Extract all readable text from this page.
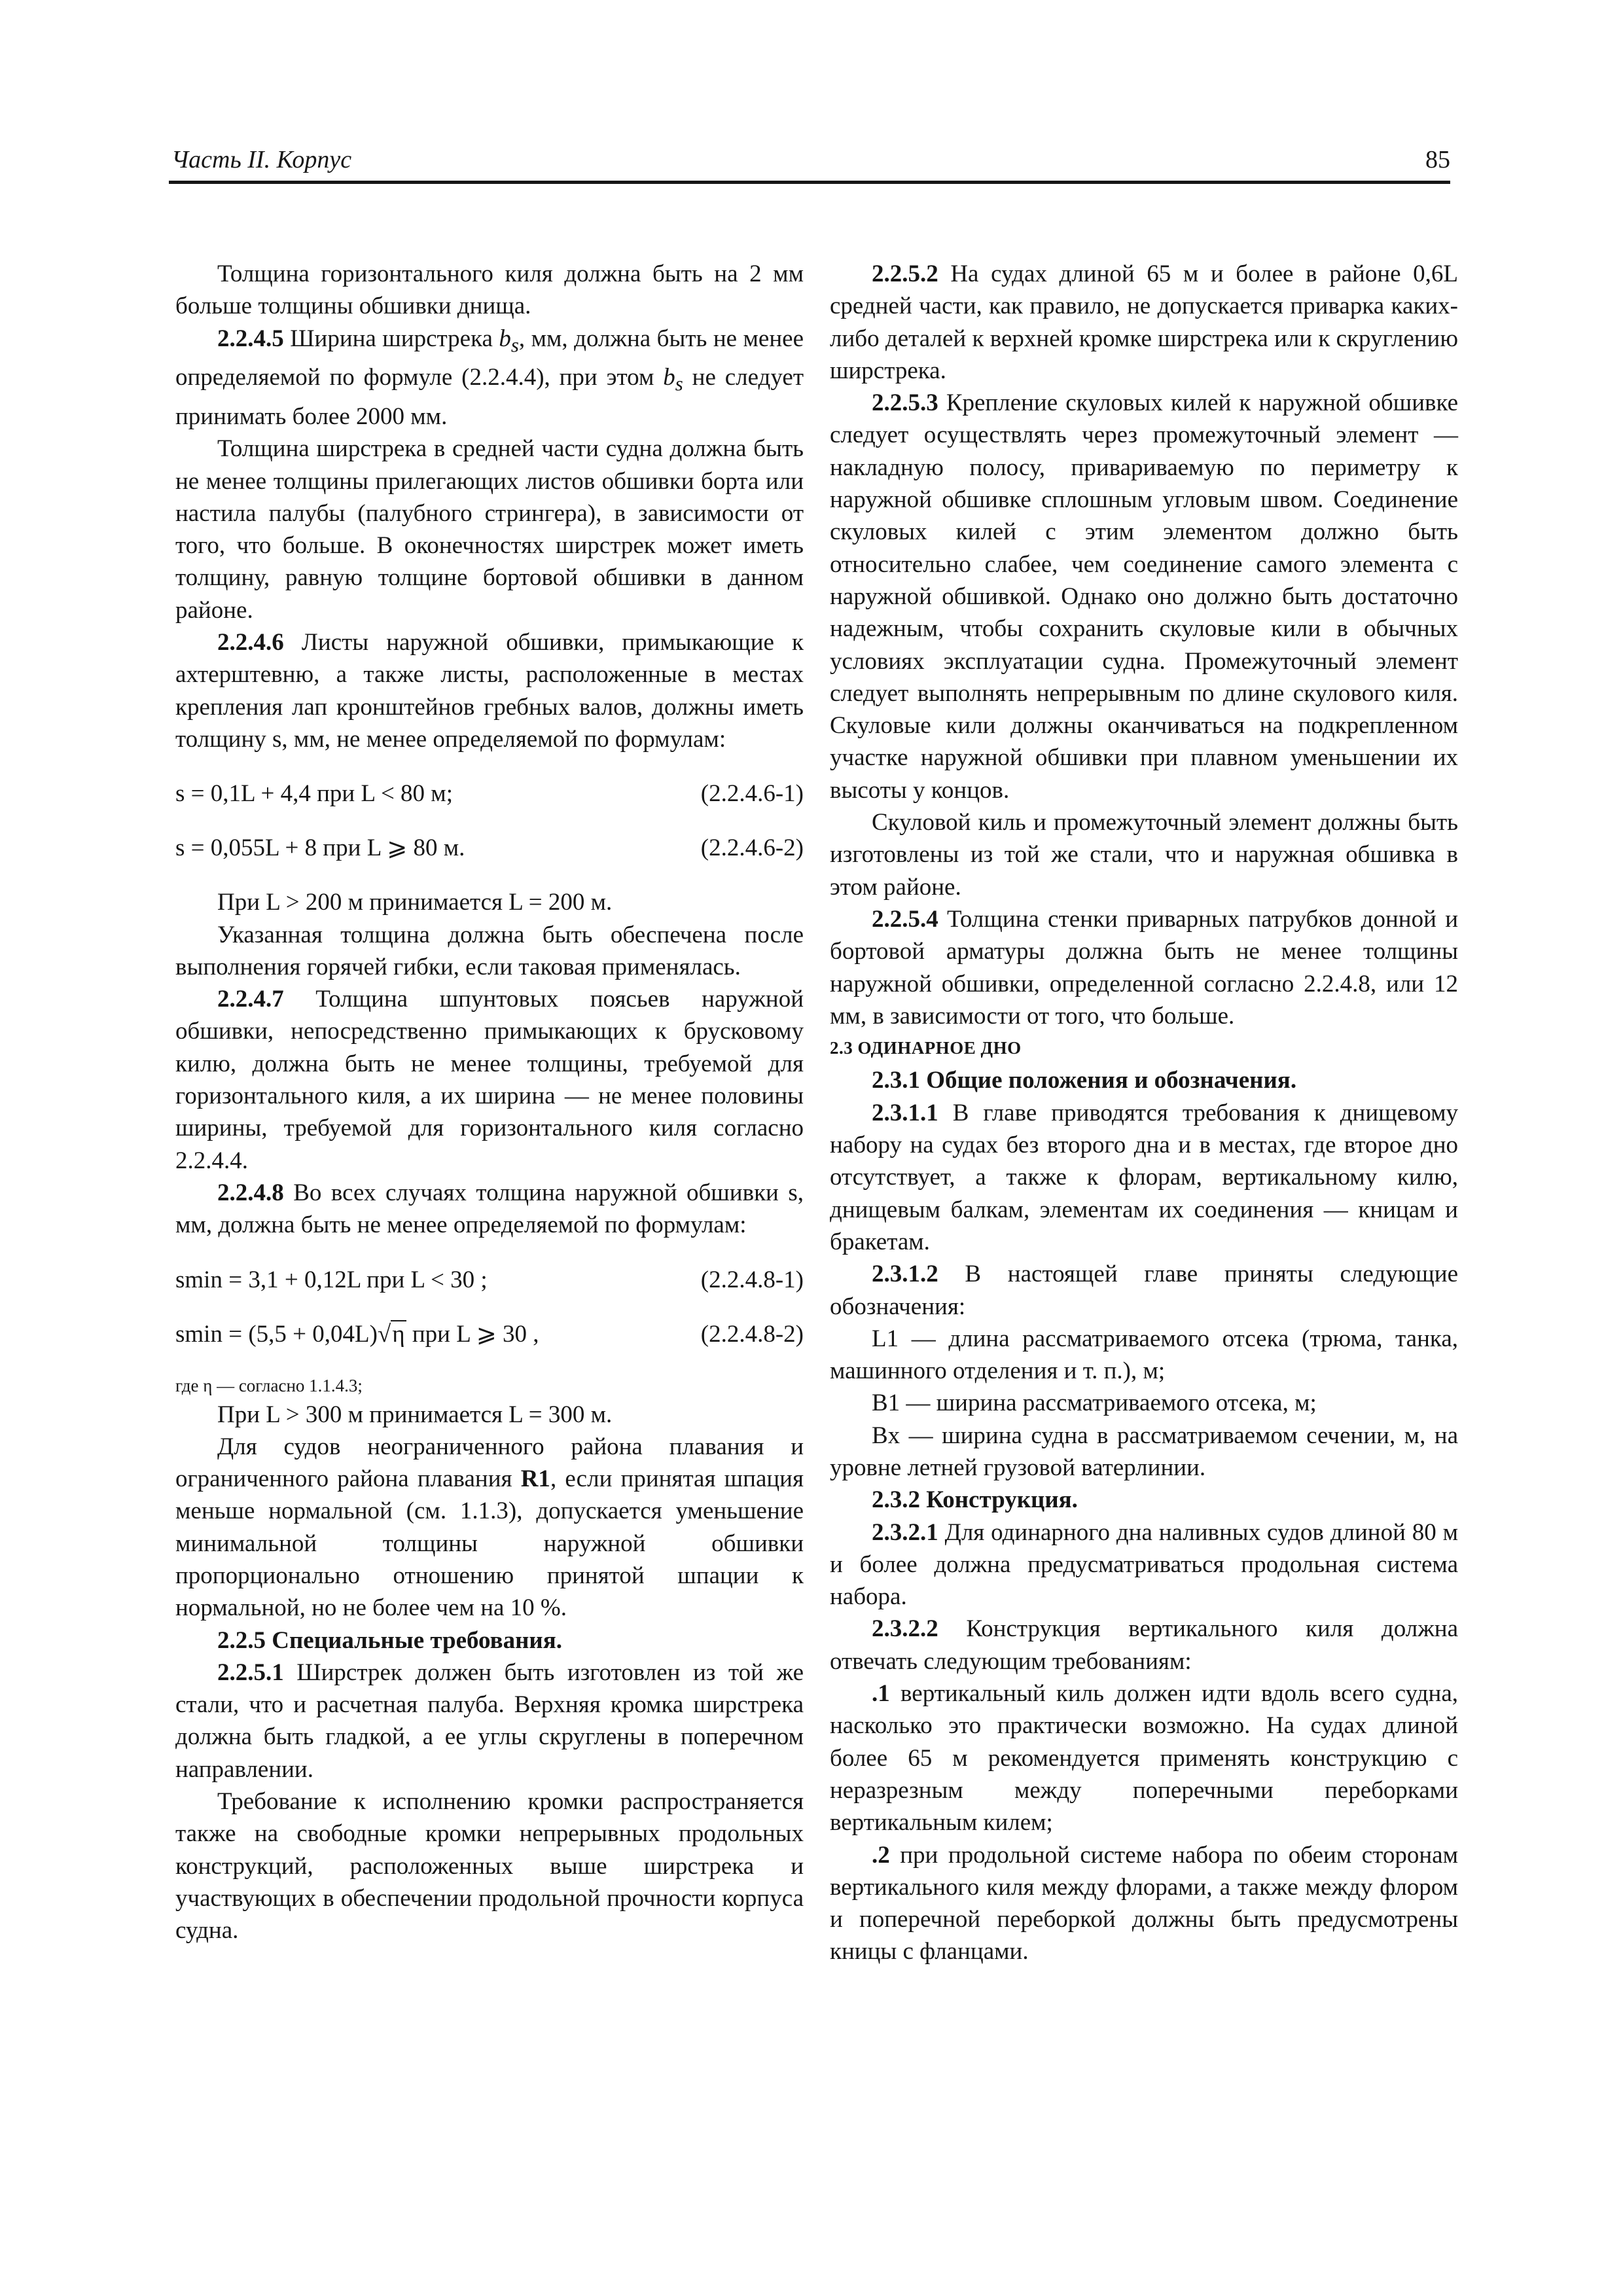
Часть II. Корпус	85

Толщина горизонтального киля должна быть на 2 мм больше толщины обшивки днища.

2.2.4.5 Ширина ширстрека $b_s$, мм, должна быть не менее определяемой по формуле (2.2.4.4), при этом $b_s$ не следует принимать более 2000 мм.

Толщина ширстрека в средней части судна должна быть не менее толщины прилегающих листов обшивки борта или настила палубы (палубного стрингера), в зависимости от того, что больше. В оконечностях ширстрек может иметь толщину, равную толщине бортовой обшивки в данном районе.

2.2.4.6 Листы наружной обшивки, примыкающие к ахтерштевню, а также листы, расположенные в местах крепления лап кронштейнов гребных валов, должны иметь толщину s, мм, не менее определяемой по формулам:

s = 0,1L + 4,4 при L < 80 м;	(2.2.4.6-1)
s = 0,055L + 8 при L ⩾ 80 м.	(2.2.4.6-2)

При L > 200 м принимается L = 200 м.

Указанная толщина должна быть обеспечена после выполнения горячей гибки, если таковая применялась.

2.2.4.7 Толщина шпунтовых поясьев наружной обшивки, непосредственно примыкающих к брусковому килю, должна быть не менее толщины, требуемой для горизонтального киля, а их ширина — не менее половины ширины, требуемой для горизонтального киля согласно 2.2.4.4.

2.2.4.8 Во всех случаях толщина наружной обшивки s, мм, должна быть не менее определяемой по формулам:

smin = 3,1 + 0,12L при L < 30 ;	(2.2.4.8-1)
smin = (5,5 + 0,04L)√η при L ⩾ 30 ,	(2.2.4.8-2)

где η — согласно 1.1.4.3;

При L > 300 м принимается L = 300 м.

Для судов неограниченного района плавания и ограниченного района плавания R1, если принятая шпация меньше нормальной (см. 1.1.3), допускается уменьшение минимальной толщины наружной обшивки пропорционально отношению принятой шпации к нормальной, но не более чем на 10 %.

2.2.5 Специальные требования.

2.2.5.1 Ширстрек должен быть изготовлен из той же стали, что и расчетная палуба. Верхняя кромка ширстрека должна быть гладкой, а ее углы скруглены в поперечном направлении.

Требование к исполнению кромки распространяется также на свободные кромки непрерывных продольных конструкций, расположенных выше ширстрека и участвующих в обеспечении продольной прочности корпуса судна.

2.2.5.2 На судах длиной 65 м и более в районе 0,6L средней части, как правило, не допускается приварка каких-либо деталей к верхней кромке ширстрека или к скруглению ширстрека.

2.2.5.3 Крепление скуловых килей к наружной обшивке следует осуществлять через промежуточный элемент — накладную полосу, привариваемую по периметру к наружной обшивке сплошным угловым швом. Соединение скуловых килей с этим элементом должно быть относительно слабее, чем соединение самого элемента с наружной обшивкой. Однако оно должно быть достаточно надежным, чтобы сохранить скуловые кили в обычных условиях эксплуатации судна. Промежуточный элемент следует выполнять непрерывным по длине скулового киля. Скуловые кили должны оканчиваться на подкрепленном участке наружной обшивки при плавном уменьшении их высоты у концов.

Скуловой киль и промежуточный элемент должны быть изготовлены из той же стали, что и наружная обшивка в этом районе.

2.2.5.4 Толщина стенки приварных патрубков донной и бортовой арматуры должна быть не менее толщины наружной обшивки, определенной согласно 2.2.4.8, или 12 мм, в зависимости от того, что больше.

2.3 ОДИНАРНОЕ ДНО

2.3.1 Общие положения и обозначения.

2.3.1.1 В главе приводятся требования к днищевому набору на судах без второго дна и в местах, где второе дно отсутствует, а также к флорам, вертикальному килю, днищевым балкам, элементам их соединения — кницам и бракетам.

2.3.1.2 В настоящей главе приняты следующие обозначения:

L1 — длина рассматриваемого отсека (трюма, танка, машинного отделения и т. п.), м;

B1 — ширина рассматриваемого отсека, м;

Bx — ширина судна в рассматриваемом сечении, м, на уровне летней грузовой ватерлинии.

2.3.2 Конструкция.

2.3.2.1 Для одинарного дна наливных судов длиной 80 м и более должна предусматриваться продольная система набора.

2.3.2.2 Конструкция вертикального киля должна отвечать следующим требованиям:

.1 вертикальный киль должен идти вдоль всего судна, насколько это практически возможно. На судах длиной более 65 м рекомендуется применять конструкцию с неразрезным между поперечными переборками вертикальным килем;

.2 при продольной системе набора по обеим сторонам вертикального киля между флорами, а также между флором и поперечной переборкой должны быть предусмотрены кницы с фланцами.
